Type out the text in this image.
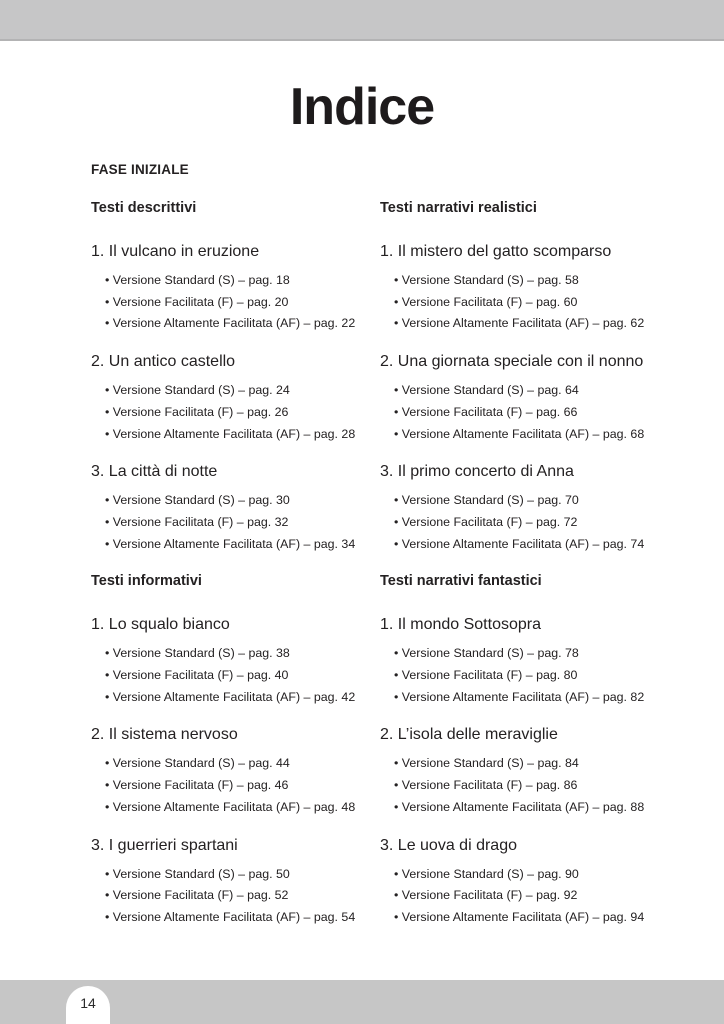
Indice
FASE INIZIALE
Testi descrittivi
1. Il vulcano in eruzione
• Versione Standard (S) – pag. 18
• Versione Facilitata (F) – pag. 20
• Versione Altamente Facilitata (AF) – pag. 22
2. Un antico castello
• Versione Standard (S) – pag. 24
• Versione Facilitata (F) – pag. 26
• Versione Altamente Facilitata (AF) – pag. 28
3. La città di notte
• Versione Standard (S) – pag. 30
• Versione Facilitata (F) – pag. 32
• Versione Altamente Facilitata (AF) – pag. 34
Testi informativi
1. Lo squalo bianco
• Versione Standard (S) – pag. 38
• Versione Facilitata (F) – pag. 40
• Versione Altamente Facilitata (AF) – pag. 42
2. Il sistema nervoso
• Versione Standard (S) – pag. 44
• Versione Facilitata (F) – pag. 46
• Versione Altamente Facilitata (AF) – pag. 48
3. I guerrieri spartani
• Versione Standard (S) – pag. 50
• Versione Facilitata (F) – pag. 52
• Versione Altamente Facilitata (AF) – pag. 54
Testi narrativi realistici
1. Il mistero del gatto scomparso
• Versione Standard (S) – pag. 58
• Versione Facilitata (F) – pag. 60
• Versione Altamente Facilitata (AF) – pag. 62
2. Una giornata speciale con il nonno
• Versione Standard (S) – pag. 64
• Versione Facilitata (F) – pag. 66
• Versione Altamente Facilitata (AF) – pag. 68
3. Il primo concerto di Anna
• Versione Standard (S) – pag. 70
• Versione Facilitata (F) – pag. 72
• Versione Altamente Facilitata (AF) – pag. 74
Testi narrativi fantastici
1. Il mondo Sottosopra
• Versione Standard (S) – pag. 78
• Versione Facilitata (F) – pag. 80
• Versione Altamente Facilitata (AF) – pag. 82
2. L’isola delle meraviglie
• Versione Standard (S) – pag. 84
• Versione Facilitata (F) – pag. 86
• Versione Altamente Facilitata (AF) – pag. 88
3. Le uova di drago
• Versione Standard (S) – pag. 90
• Versione Facilitata (F) – pag. 92
• Versione Altamente Facilitata (AF) – pag. 94
14
